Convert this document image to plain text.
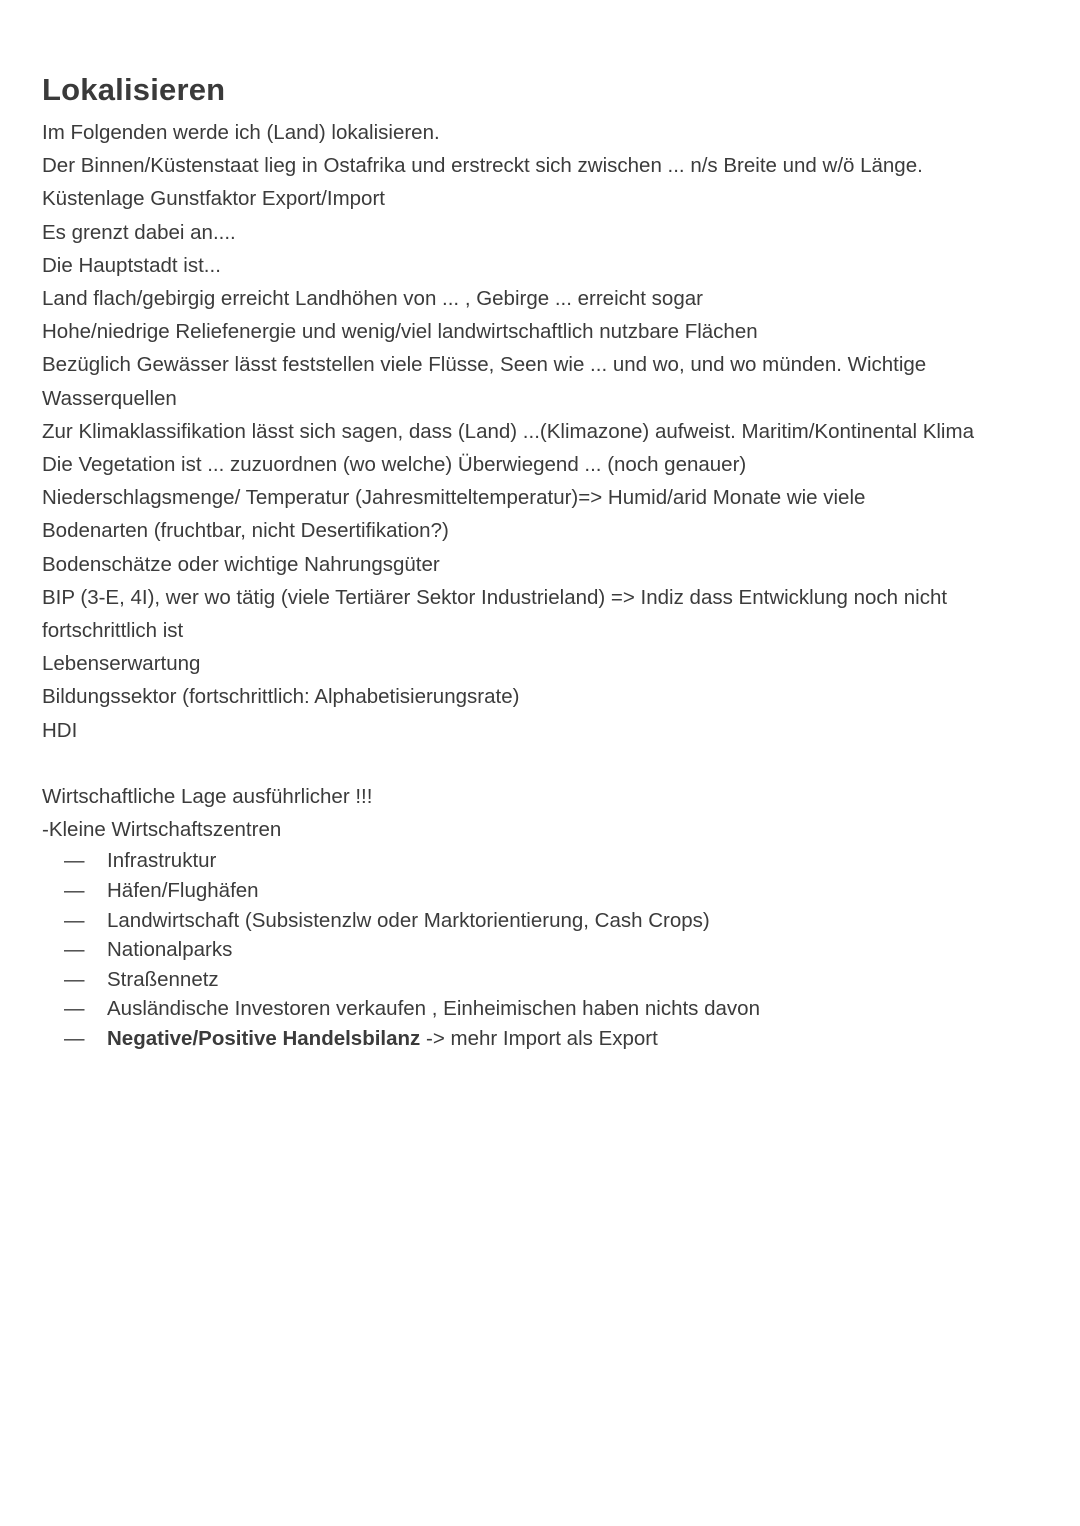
Lokalisieren

Im Folgenden werde ich (Land) lokalisieren.

Der Binnen/Küstenstaat lieg in Ostafrika und erstreckt sich zwischen ... n/s Breite und w/ö Länge.

Küstenlage Gunstfaktor Export/Import

Es grenzt dabei an....

Die Hauptstadt ist...

Land flach/gebirgig erreicht Landhöhen von ... , Gebirge ... erreicht sogar

Hohe/niedrige Reliefenergie und wenig/viel landwirtschaftlich nutzbare Flächen

Bezüglich Gewässer lässt feststellen viele Flüsse, Seen wie ... und wo, und wo münden. Wichtige Wasserquellen

Zur Klimaklassifikation lässt sich sagen, dass (Land) ...(Klimazone) aufweist. Maritim/Kontinental Klima

Die Vegetation ist ... zuzuordnen (wo welche) Überwiegend ... (noch genauer)

Niederschlagsmenge/ Temperatur (Jahresmitteltemperatur)=> Humid/arid Monate wie viele

Bodenarten (fruchtbar, nicht Desertifikation?)

Bodenschätze oder wichtige Nahrungsgüter

BIP (3-E, 4I), wer wo tätig (viele Tertiärer Sektor Industrieland) => Indiz dass Entwicklung noch nicht fortschrittlich ist

Lebenserwartung

Bildungssektor (fortschrittlich: Alphabetisierungsrate)

HDI

Wirtschaftliche Lage ausführlicher !!!

-Kleine Wirtschaftszentren

— Infrastruktur
— Häfen/Flughäfen
— Landwirtschaft (Subsistenzlw oder Marktorientierung, Cash Crops)
— Nationalparks
— Straßennetz
— Ausländische Investoren verkaufen , Einheimischen haben nichts davon
— Negative/Positive Handelsbilanz -> mehr Import als Export
